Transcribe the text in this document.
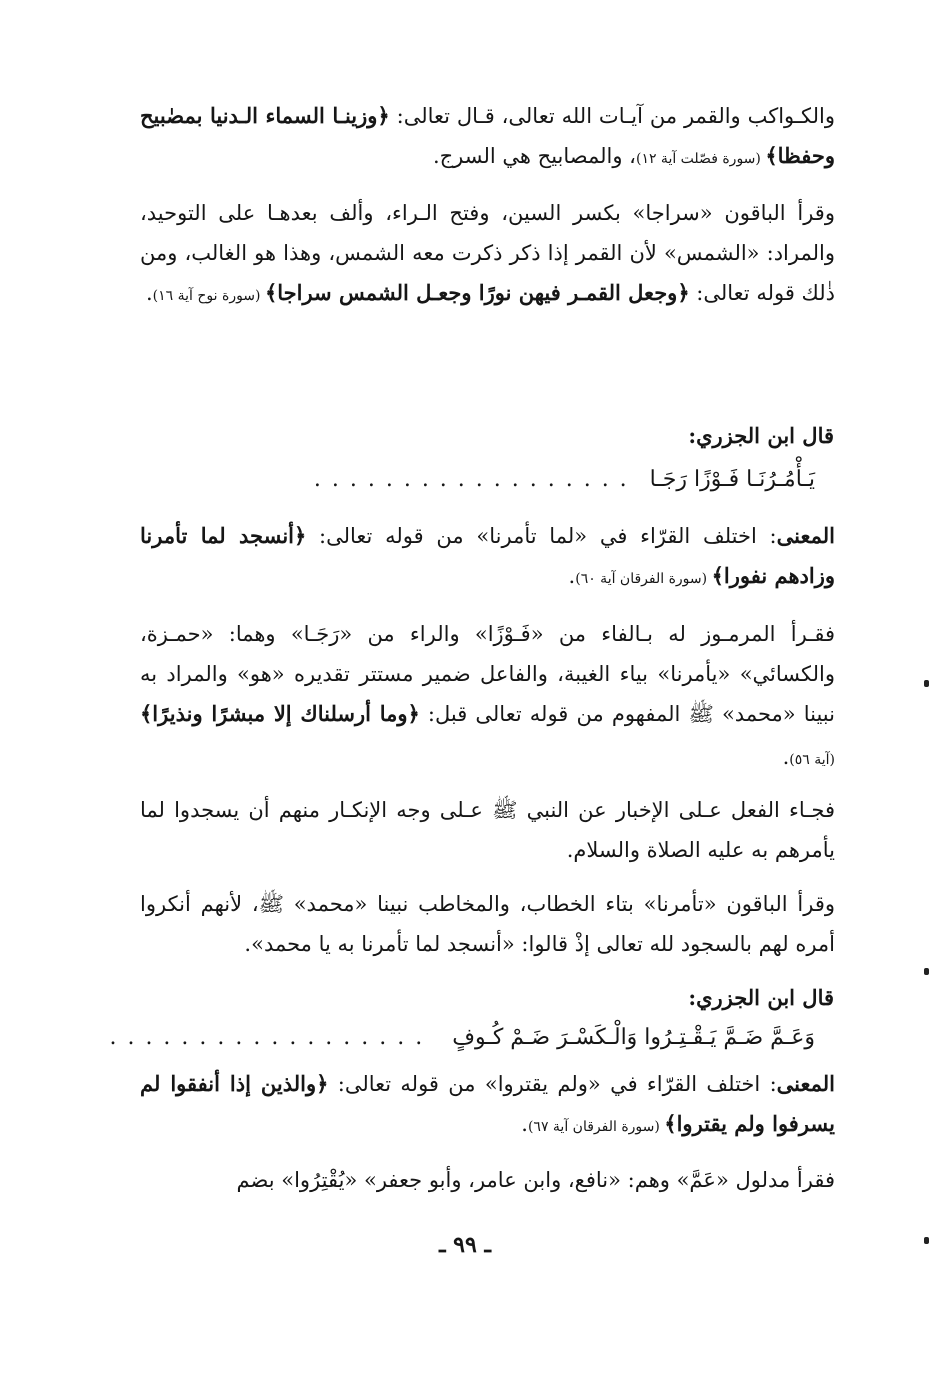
والكـواكب والقمر من آيـات الله تعالى، قـال تعالى: ﴿وزينـا السماء الـدنيا بمصٰبيح وحفظا﴾ (سورة فصّلت آية ١٢)، والمصابيح هي السرج.
وقرأ الباقون «سراجا» بكسر السين، وفتح الـراء، وألف بعدهـا على التوحيد، والمراد: «الشمس» لأن القمر إذا ذكر ذكرت معه الشمس، وهذا هو الغالب، ومن ذٰلك قوله تعالى: ﴿وجعل القمـر فيهن نورًا وجعـل الشمس سراجا﴾ (سورة نوح آية ١٦).
قال ابن الجزري:
يَـأْمُـرُنَـا فَـوْزًا رَجَـا   . . . . . . . . . . . . . . . . . .
المعنى: اختلف القرّاء في «لما تأمرنا» من قوله تعالى: ﴿أنسجد لما تأمرنا وزادهم نفورا﴾ (سورة الفرقان آية ٦٠).
فقـرأ المرمـوز له بـالفاء من «فَـوْزًا» والراء من «رَجَـا» وهما: «حمـزة، والكسائي» «يأمرنا» بياء الغيبة، والفاعل ضمير مستتر تقديره «هو» والمراد به نبينا «محمد» ﷺ المفهوم من قوله تعالى قبل: ﴿وما أرسلناك إلا مبشرًا ونذيرًا﴾ (آية ٥٦).
فجـاء الفعل عـلى الإخبار عن النبي ﷺ عـلى وجه الإنكـار منهم أن يسجدوا لما يأمرهم به عليه الصلاة والسلام.
وقرأ الباقون «تأمرنا» بتاء الخطاب، والمخاطب نبينا «محمد» ﷺ، لأنهم أنكروا أمره لهم بالسجود لله تعالى إذْ قالوا: «أنسجد لما تأمرنا به يا محمد».
قال ابن الجزري:
وَعَـمَّ ضَـمَّ يَـقْـتِـرُوا وَالْـكَسْـرَ ضَـمْ كُـوفٍ    . . . . . . . . . . . . . . . . . .
المعنى: اختلف القرّاء في «ولم يقتروا» من قوله تعالى: ﴿والذين إذا أنفقوا لم يسرفوا ولم يقتروا﴾ (سورة الفرقان آية ٦٧).
فقرأ مدلول «عَمَّ» وهم: «نافع، وابن عامر، وأبو جعفر» «يُقْتِرُوا» بضم
ـ ٩٩ ـ
